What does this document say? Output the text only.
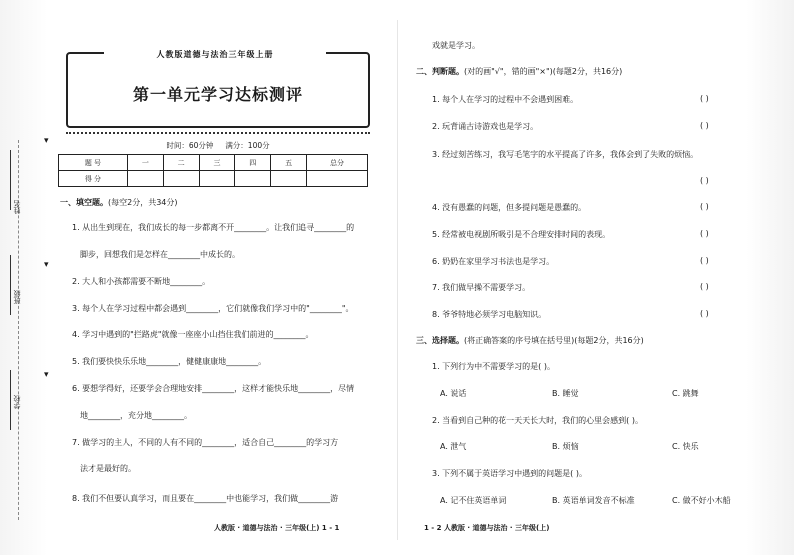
姓名
班级
学校
▾
▾
▾
人教版道德与法治三年级上册
第一单元学习达标测评
时间：60分钟 满分：100分
题 号	一	二	三	四	五	总分
得 分						
一、填空题。(每空2分，共34分)
1. 从出生到现在，我们成长的每一步都离不开________。让我们追寻________的
脚步，回想我们是怎样在________中成长的。
2. 大人和小孩都需要不断地________。
3. 每个人在学习过程中都会遇到________，它们就像我们学习中的"________"。
4. 学习中遇到的"拦路虎"就像一座座小山挡住我们前进的________。
5. 我们要快快乐乐地________，健健康康地________。
6. 要想学得好，还要学会合理地安排________，这样才能快乐地________，尽情
地________，充分地________。
7. 做学习的主人，不同的人有不同的________，适合自己________的学习方
法才是最好的。
8. 我们不但要认真学习，而且要在________中也能学习，我们做________游
人教版 · 道德与法治 · 三年级(上) 1 - 1
戏就是学习。
二、判断题。(对的画"√"，错的画"×")(每题2分，共16分)
1. 每个人在学习的过程中不会遇到困难。	( )
2. 玩背诵古诗游戏也是学习。	( )
3. 经过刻苦练习，我写毛笔字的水平提高了许多，我体会到了失败的烦恼。
( )
4. 没有愚蠢的问题，但多提问题是愚蠢的。	( )
5. 经常被电视剧所吸引是不合理安排时间的表现。	( )
6. 奶奶在家里学习书法也是学习。	( )
7. 我们做早操不需要学习。	( )
8. 爷爷特地必须学习电脑知识。	( )
三、选择题。(将正确答案的序号填在括号里)(每题2分，共16分)
1. 下列行为中不需要学习的是( )。
A. 说话	B. 睡觉	C. 跳舞
2. 当看到自己种的花一天天长大时，我们的心里会感到( )。
A. 泄气	B. 烦恼	C. 快乐
3. 下列不属于英语学习中遇到的问题是( )。
A. 记不住英语单词	B. 英语单词发音不标准	C. 做不好小木船
1 - 2 人教版 · 道德与法治 · 三年级(上)
